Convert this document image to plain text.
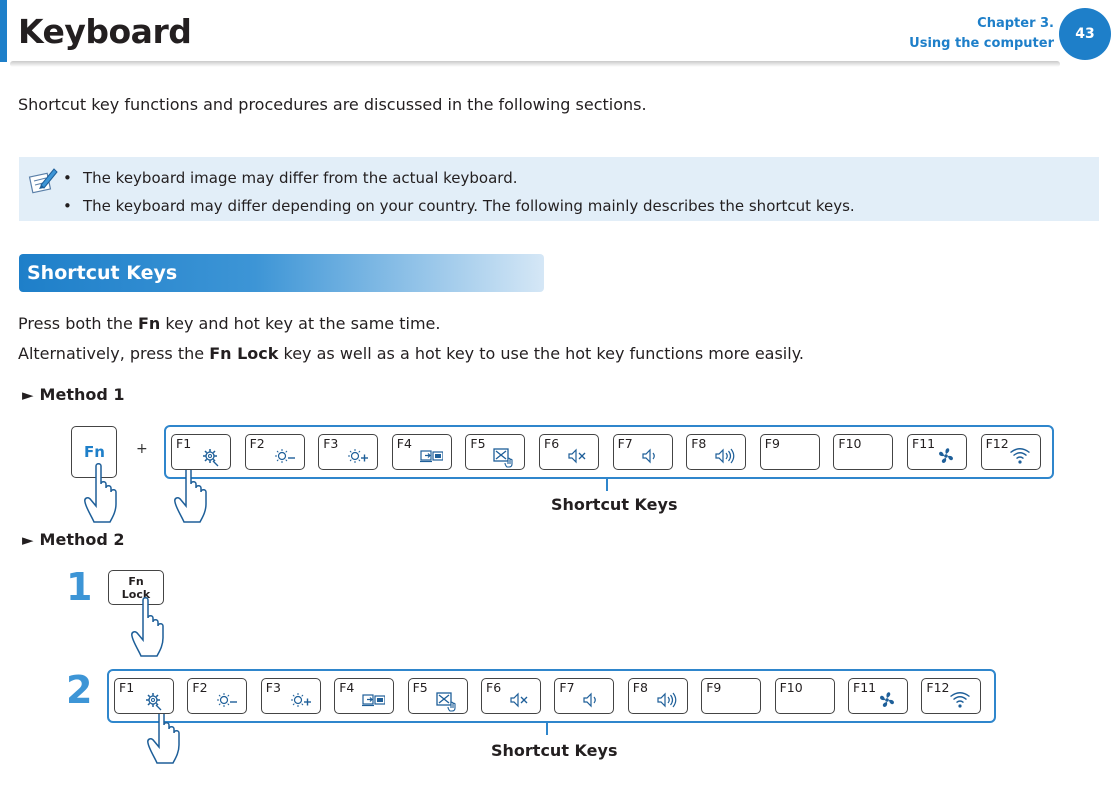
Keyboard	Chapter 3.
Using the computer
43
Shortcut key functions and procedures are discussed in the following sections.
• The keyboard image may differ from the actual keyboard.
• The keyboard may differ depending on your country. The following mainly describes the shortcut keys.
Shortcut Keys
Press both the Fn key and hot key at the same time.
Alternatively, press the Fn Lock key as well as a hot key to use the hot key functions more easily.
► Method 1
Fn +
Shortcut Keys
► Method 2
1	Fn
Lock
2
Shortcut Keys
F1	F2	F3	F4	F5	F6	F7	F8	F9	F10	F11	F12
F1	F2	F3	F4	F5	F6	F7	F8	F9	F10	F11	F12
